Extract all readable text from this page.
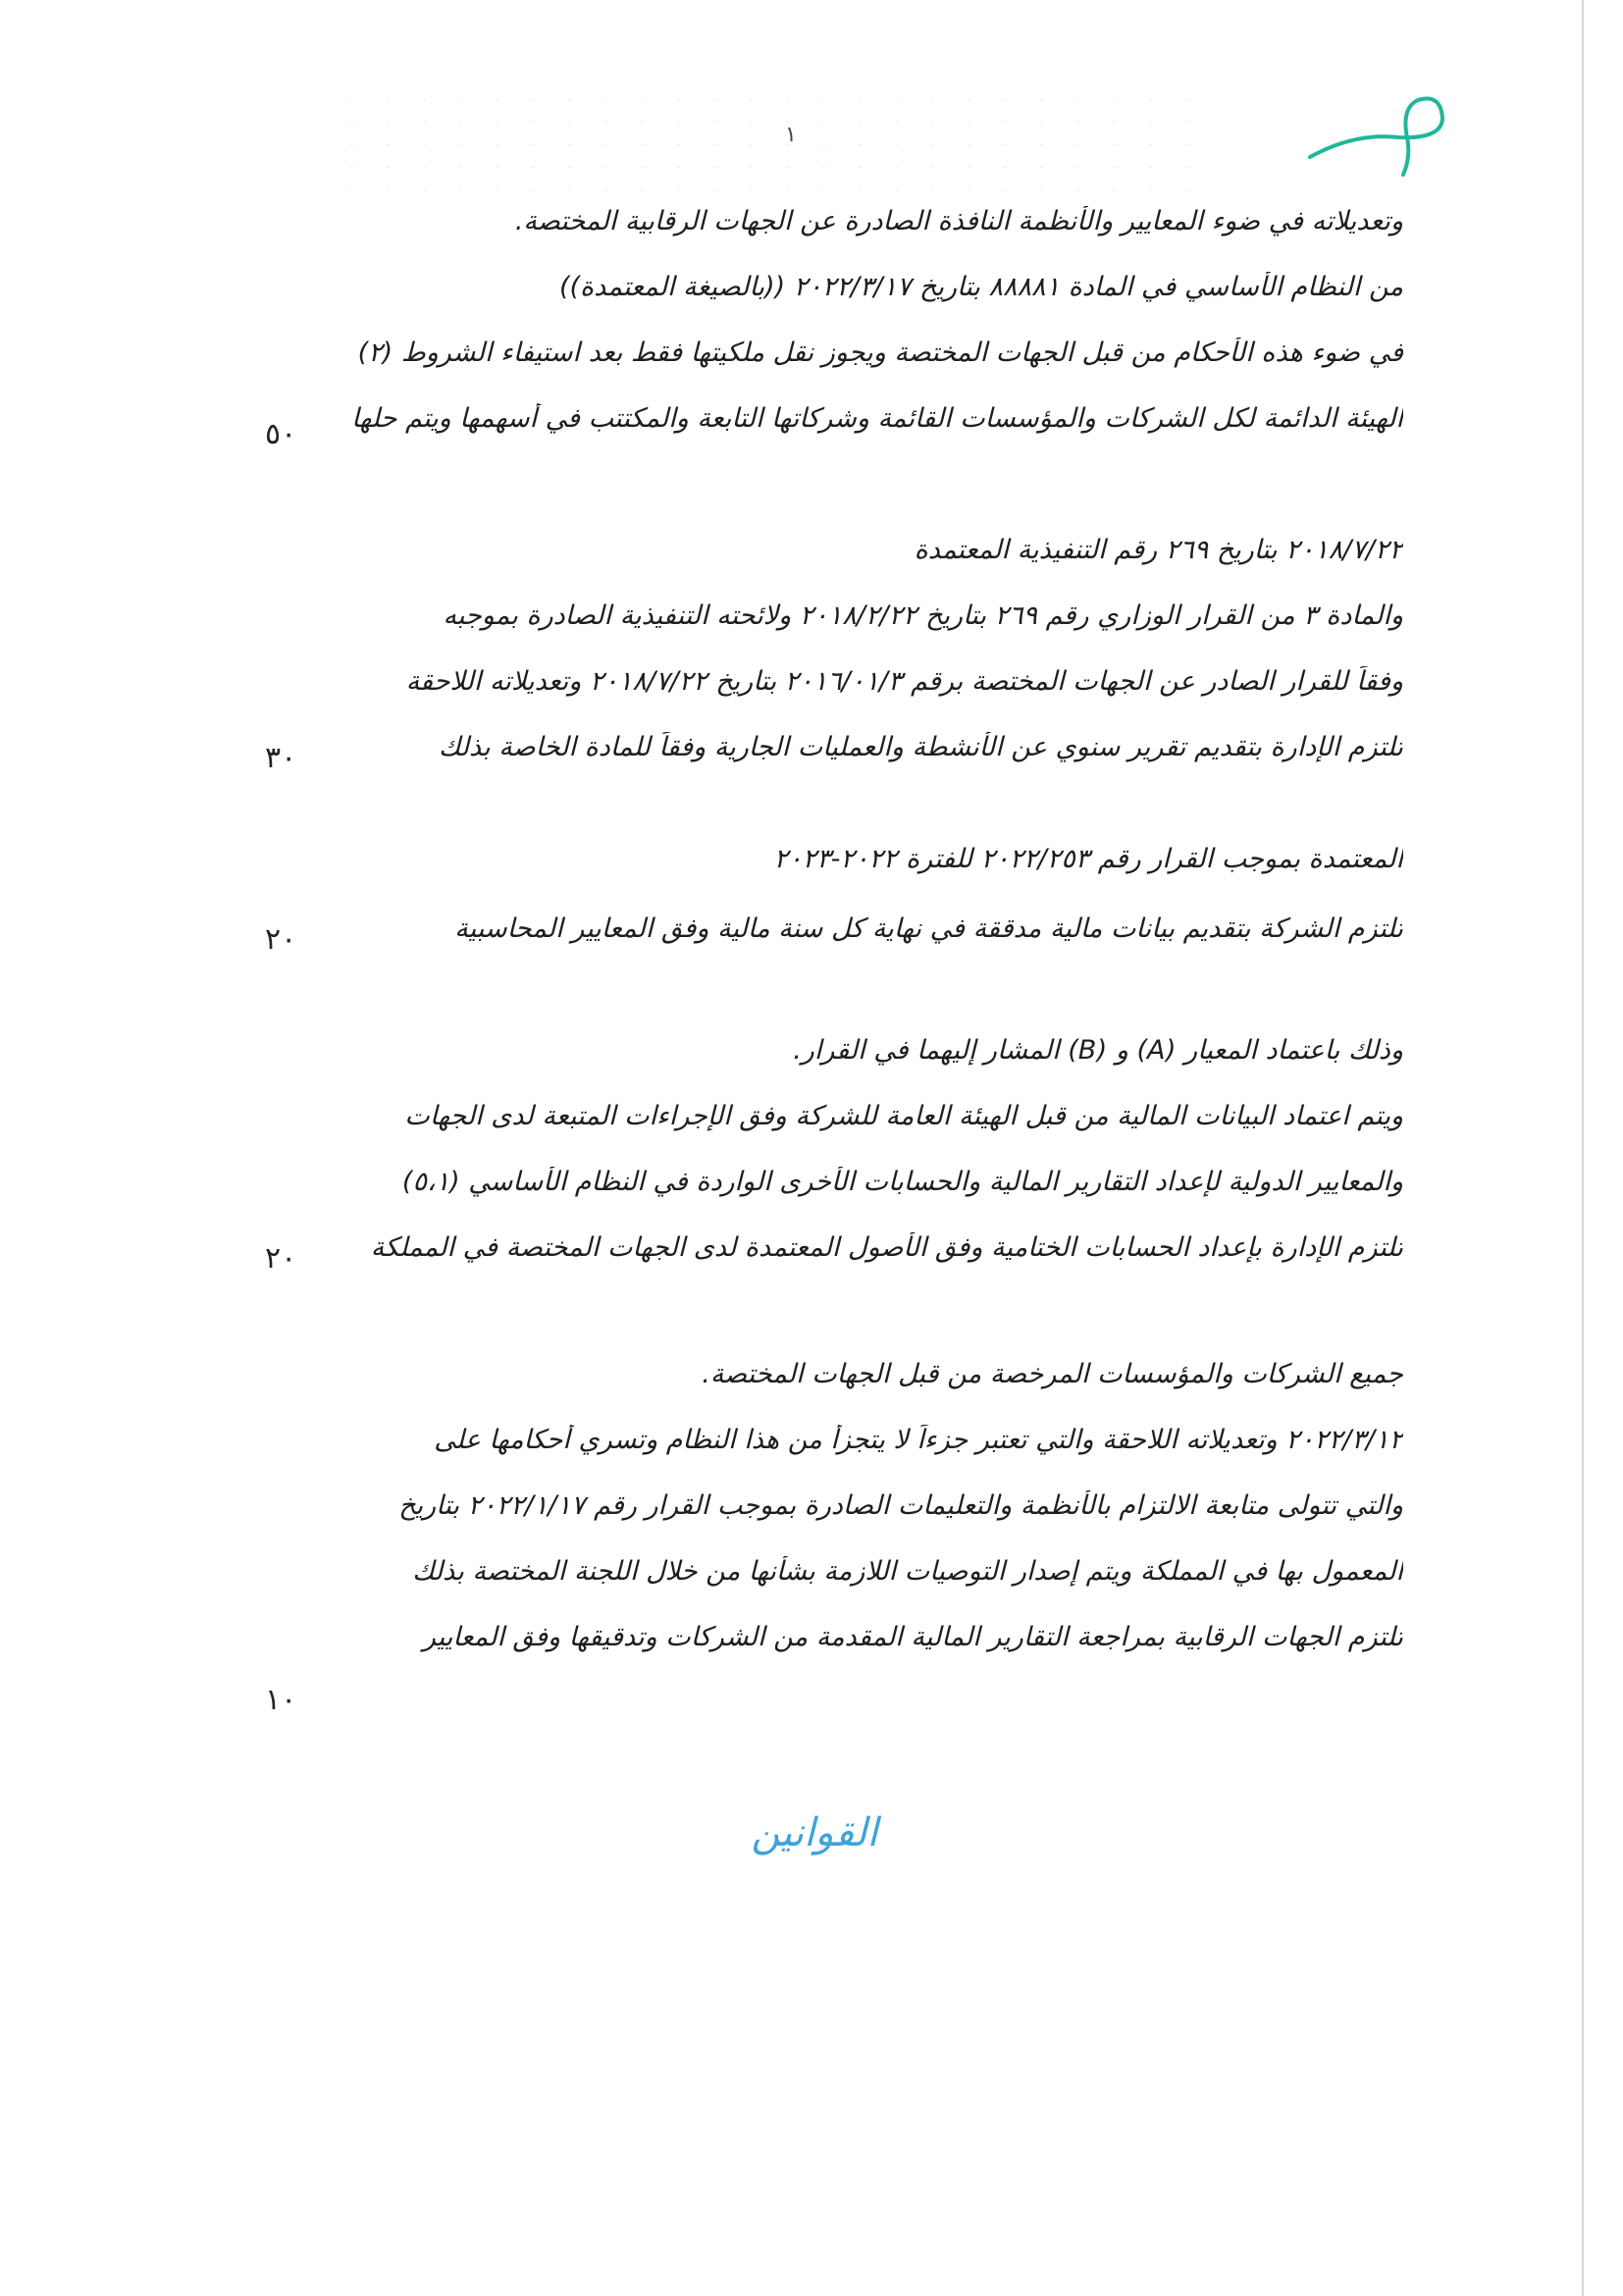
١
٥٠
وتعديلاته في ضوء المعايير والأنظمة النافذة الصادرة عن الجهات الرقابية المختصة.
من النظام الأساسي في المادة ٨٨٨٨١ بتاريخ ٢٠٢٢/٣/١٧ ((بالصيغة المعتمدة))
في ضوء هذه الأحكام من قبل الجهات المختصة ويجوز نقل ملكيتها فقط بعد استيفاء الشروط (٢)
الهيئة الدائمة لكل الشركات والمؤسسات القائمة وشركاتها التابعة والمكتتب في أسهمها ويتم حلها
٣٠
٢٠١٨/٧/٢٢ بتاريخ ٢٦٩ رقم التنفيذية المعتمدة
والمادة ٣ من القرار الوزاري رقم ٢٦٩ بتاريخ ٢٠١٨/٢/٢٢ ولائحته التنفيذية الصادرة بموجبه
وفقاً للقرار الصادر عن الجهات المختصة برقم ٢٠١٦/٠١/٣ بتاريخ ٢٠١٨/٧/٢٢ وتعديلاته اللاحقة
تلتزم الإدارة بتقديم تقرير سنوي عن الأنشطة والعمليات الجارية وفقاً للمادة الخاصة بذلك
٢٠
المعتمدة بموجب القرار رقم ٢٠٢٢/٢٥٣ للفترة ٢٠٢٢-٢٠٢٣
تلتزم الشركة بتقديم بيانات مالية مدققة في نهاية كل سنة مالية وفق المعايير المحاسبية
٢٠
وذلك باعتماد المعيار (A) و (B) المشار إليهما في القرار.
ويتم اعتماد البيانات المالية من قبل الهيئة العامة للشركة وفق الإجراءات المتبعة لدى الجهات
والمعايير الدولية لإعداد التقارير المالية والحسابات الأخرى الواردة في النظام الأساسي (٥،١)
تلتزم الإدارة بإعداد الحسابات الختامية وفق الأصول المعتمدة لدى الجهات المختصة في المملكة
١٠
جميع الشركات والمؤسسات المرخصة من قبل الجهات المختصة.
٢٠٢٢/٣/١٢ وتعديلاته اللاحقة والتي تعتبر جزءاً لا يتجزأ من هذا النظام وتسري أحكامها على
والتي تتولى متابعة الالتزام بالأنظمة والتعليمات الصادرة بموجب القرار رقم ٢٠٢٢/١/١٧ بتاريخ
المعمول بها في المملكة ويتم إصدار التوصيات اللازمة بشأنها من خلال اللجنة المختصة بذلك
تلتزم الجهات الرقابية بمراجعة التقارير المالية المقدمة من الشركات وتدقيقها وفق المعايير
القوانين
